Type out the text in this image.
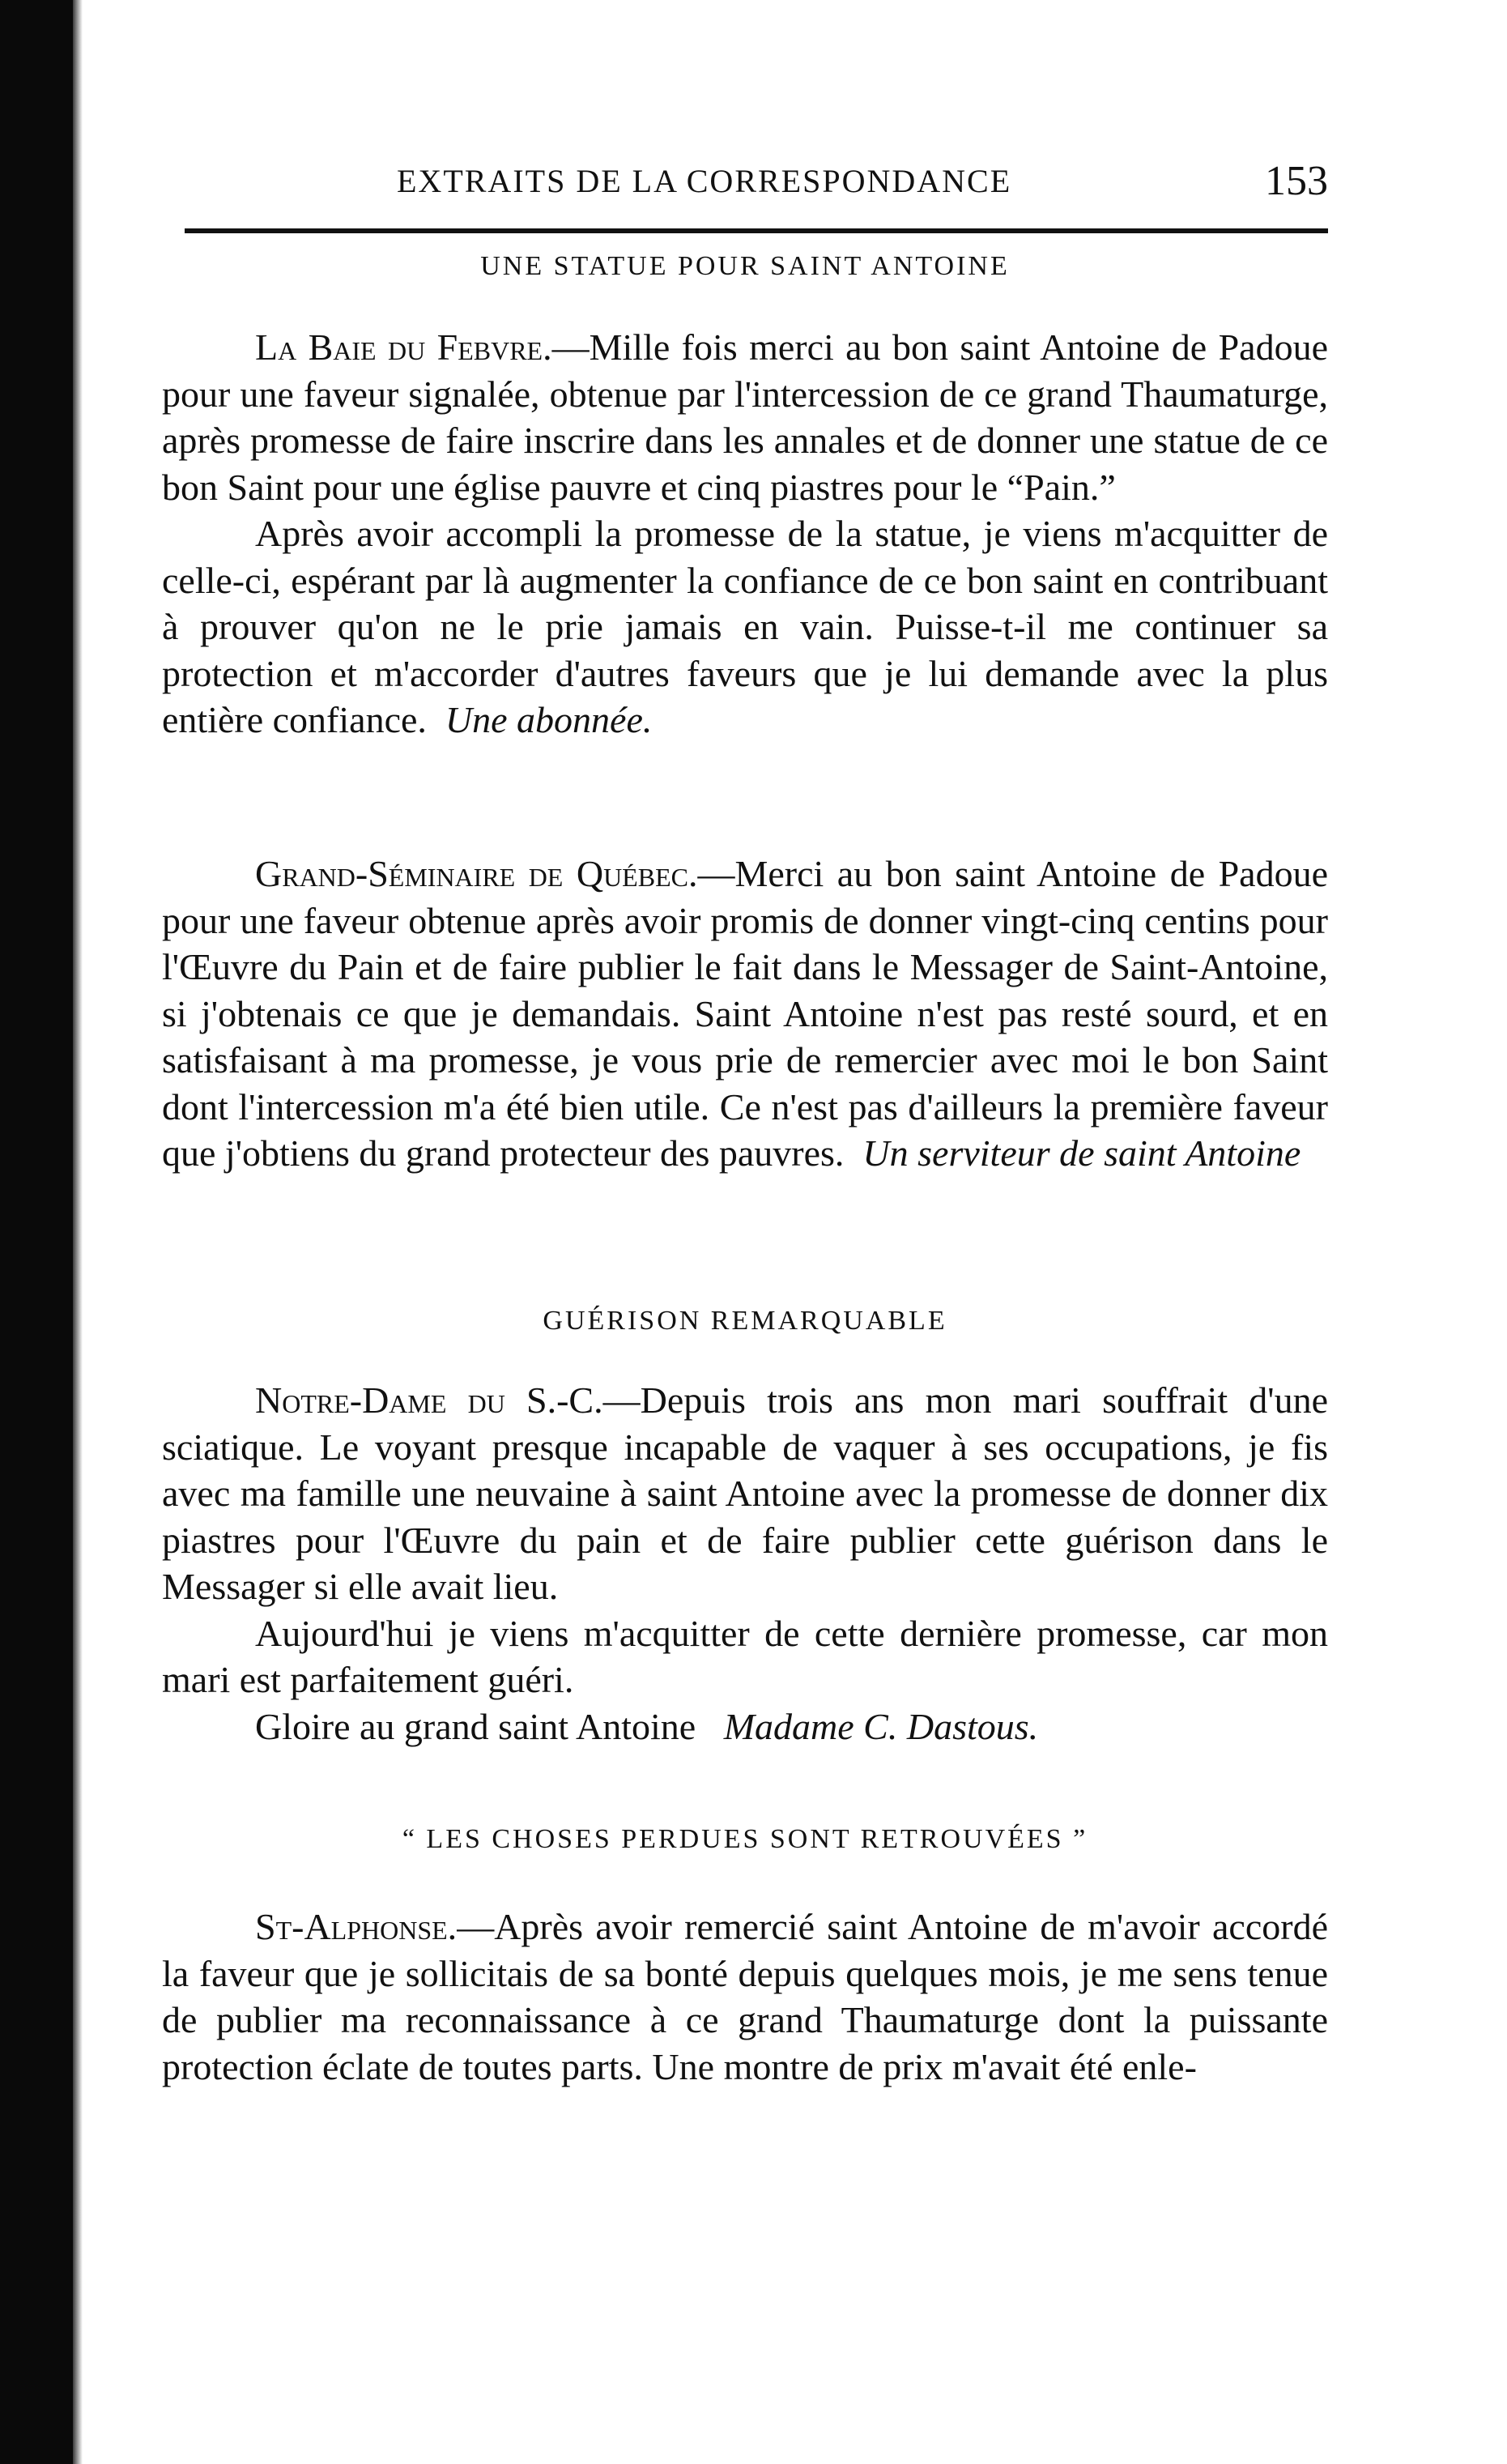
EXTRAITS DE LA CORRESPONDANCE	153
UNE STATUE POUR SAINT ANTOINE

La Baie du Febvre.—Mille fois merci au bon saint Antoine de Padoue pour une faveur signalée, obtenue par l'intercession de ce grand Thaumaturge, après promesse de faire inscrire dans les annales et de donner une statue de ce bon Saint pour une église pauvre et cinq piastres pour le “Pain.”

Après avoir accompli la promesse de la statue, je viens m'acquitter de celle-ci, espérant par là augmenter la confiance de ce bon saint en contribuant à prouver qu'on ne le prie jamais en vain. Puisse-t-il me continuer sa protection et m'accorder d'autres faveurs que je lui demande avec la plus entière confiance. Une abonnée.

Grand-Séminaire de Québec.—Merci au bon saint Antoine de Padoue pour une faveur obtenue après avoir promis de donner vingt-cinq centins pour l'Œuvre du Pain et de faire publier le fait dans le Messager de Saint-Antoine, si j'obtenais ce que je demandais. Saint Antoine n'est pas resté sourd, et en satisfaisant à ma promesse, je vous prie de remercier avec moi le bon Saint dont l'intercession m'a été bien utile. Ce n'est pas d'ailleurs la première faveur que j'obtiens du grand protecteur des pauvres. Un serviteur de saint Antoine

GUÉRISON REMARQUABLE

Notre-Dame du S.-C.—Depuis trois ans mon mari souffrait d'une sciatique. Le voyant presque incapable de vaquer à ses occupations, je fis avec ma famille une neuvaine à saint Antoine avec la promesse de donner dix piastres pour l'Œuvre du pain et de faire publier cette guérison dans le Messager si elle avait lieu.

Aujourd'hui je viens m'acquitter de cette dernière promesse, car mon mari est parfaitement guéri.

Gloire au grand saint Antoine Madame C. Dastous.

“ LES CHOSES PERDUES SONT RETROUVÉES ”

St-Alphonse.—Après avoir remercié saint Antoine de m'avoir accordé la faveur que je sollicitais de sa bonté depuis quelques mois, je me sens tenue de publier ma reconnaissance à ce grand Thaumaturge dont la puissante protection éclate de toutes parts. Une montre de prix m'avait été enle-
